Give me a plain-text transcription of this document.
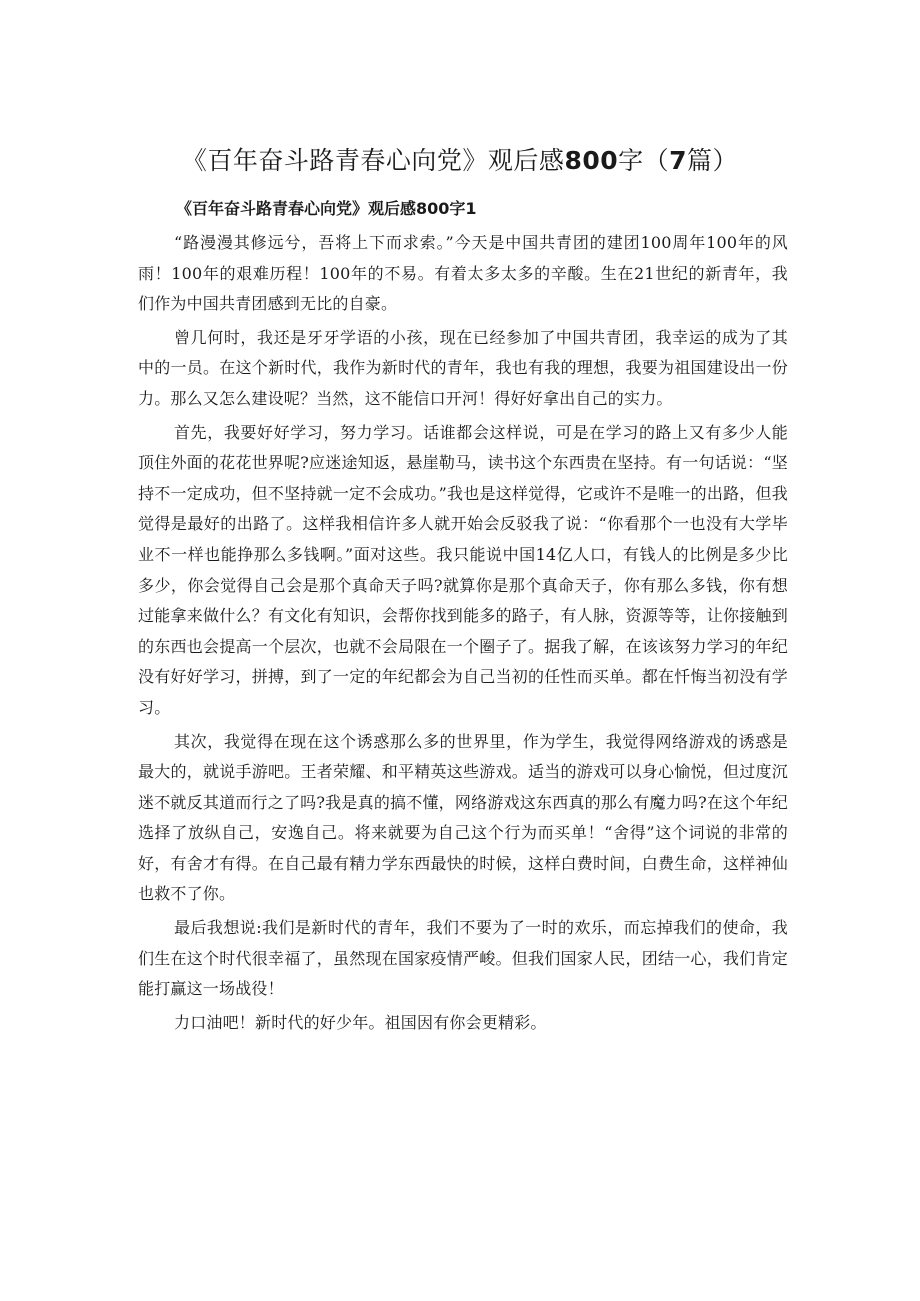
《百年奋斗路青春心向党》观后感800字（7篇）
《百年奋斗路青春心向党》观后感800字1

“路漫漫其修远兮，吾将上下而求索。”今天是中国共青团的建团100周年100年的风雨！100年的艰难历程！100年的不易。有着太多太多的辛酸。生在21世纪的新青年，我们作为中国共青团感到无比的自豪。

曾几何时，我还是牙牙学语的小孩，现在已经参加了中国共青团，我幸运的成为了其中的一员。在这个新时代，我作为新时代的青年，我也有我的理想，我要为祖国建设出一份力。那么又怎么建设呢？当然，这不能信口开河！得好好拿出自己的实力。

首先，我要好好学习，努力学习。话谁都会这样说，可是在学习的路上又有多少人能顶住外面的花花世界呢?应迷途知返，悬崖勒马，读书这个东西贵在坚持。有一句话说：“坚持不一定成功，但不坚持就一定不会成功。”我也是这样觉得，它或许不是唯一的出路，但我觉得是最好的出路了。这样我相信许多人就开始会反驳我了说：“你看那个一也没有大学毕业不一样也能挣那么多钱啊。”面对这些。我只能说中国14亿人口，有钱人的比例是多少比多少，你会觉得自己会是那个真命天子吗?就算你是那个真命天子，你有那么多钱，你有想过能拿来做什么？有文化有知识，会帮你找到能多的路子，有人脉，资源等等，让你接触到的东西也会提高一个层次，也就不会局限在一个圈子了。据我了解，在该该努力学习的年纪没有好好学习，拼搏，到了一定的年纪都会为自己当初的任性而买单。都在忏悔当初没有学习。

其次，我觉得在现在这个诱惑那么多的世界里，作为学生，我觉得网络游戏的诱惑是最大的，就说手游吧。王者荣耀、和平精英这些游戏。适当的游戏可以身心愉悦，但过度沉迷不就反其道而行之了吗?我是真的搞不懂，网络游戏这东西真的那么有魔力吗?在这个年纪选择了放纵自己，安逸自己。将来就要为自己这个行为而买单！“舍得”这个词说的非常的好，有舍才有得。在自己最有精力学东西最快的时候，这样白费时间，白费生命，这样神仙也救不了你。

最后我想说:我们是新时代的青年，我们不要为了一时的欢乐，而忘掉我们的使命，我们生在这个时代很幸福了，虽然现在国家疫情严峻。但我们国家人民，团结一心，我们肯定能打赢这一场战役！

力口油吧！新时代的好少年。祖国因有你会更精彩。
